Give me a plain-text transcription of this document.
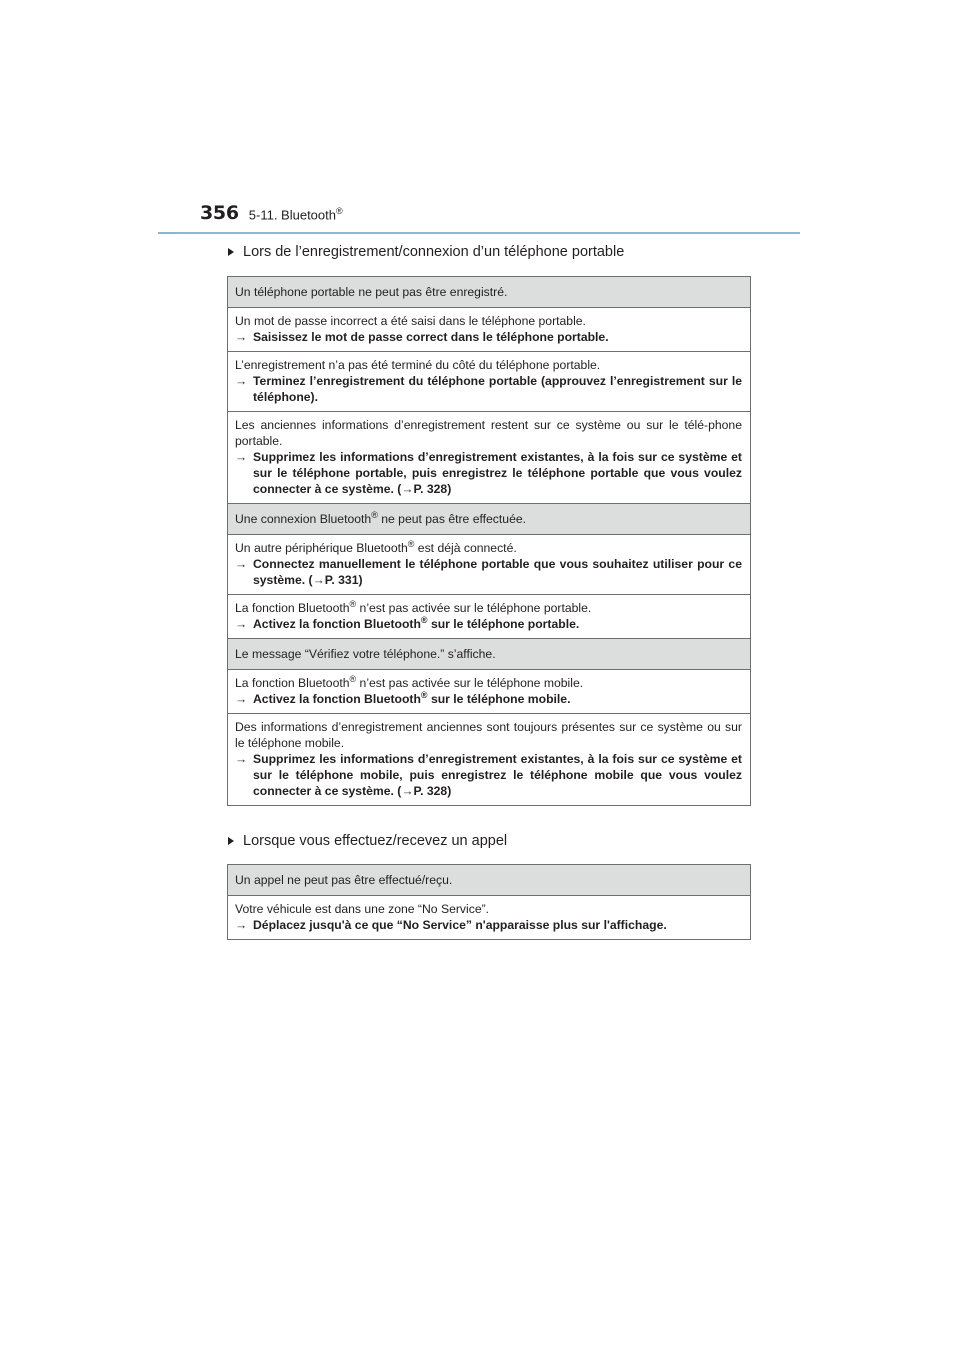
356 5-11. Bluetooth®
Lors de l’enregistrement/connexion d’un téléphone portable
Un téléphone portable ne peut pas être enregistré.
Un mot de passe incorrect a été saisi dans le téléphone portable.
→ Saisissez le mot de passe correct dans le téléphone portable.
L’enregistrement n’a pas été terminé du côté du téléphone portable.
→ Terminez l’enregistrement du téléphone portable (approuvez l’enregistrement sur le téléphone).
Les anciennes informations d’enregistrement restent sur ce système ou sur le télé-phone portable.
→ Supprimez les informations d’enregistrement existantes, à la fois sur ce système et sur le téléphone portable, puis enregistrez le téléphone portable que vous voulez connecter à ce système. (→P. 328)
Une connexion Bluetooth® ne peut pas être effectuée.
Un autre périphérique Bluetooth® est déjà connecté.
→ Connectez manuellement le téléphone portable que vous souhaitez utiliser pour ce système. (→P. 331)
La fonction Bluetooth® n’est pas activée sur le téléphone portable.
→ Activez la fonction Bluetooth® sur le téléphone portable.
Le message “Vérifiez votre téléphone.” s’affiche.
La fonction Bluetooth® n’est pas activée sur le téléphone mobile.
→ Activez la fonction Bluetooth® sur le téléphone mobile.
Des informations d’enregistrement anciennes sont toujours présentes sur ce système ou sur le téléphone mobile.
→ Supprimez les informations d’enregistrement existantes, à la fois sur ce système et sur le téléphone mobile, puis enregistrez le téléphone mobile que vous voulez connecter à ce système. (→P. 328)
Lorsque vous effectuez/recevez un appel
Un appel ne peut pas être effectué/reçu.
Votre véhicule est dans une zone “No Service”.
→ Déplacez jusqu'à ce que “No Service” n'apparaisse plus sur l'affichage.
